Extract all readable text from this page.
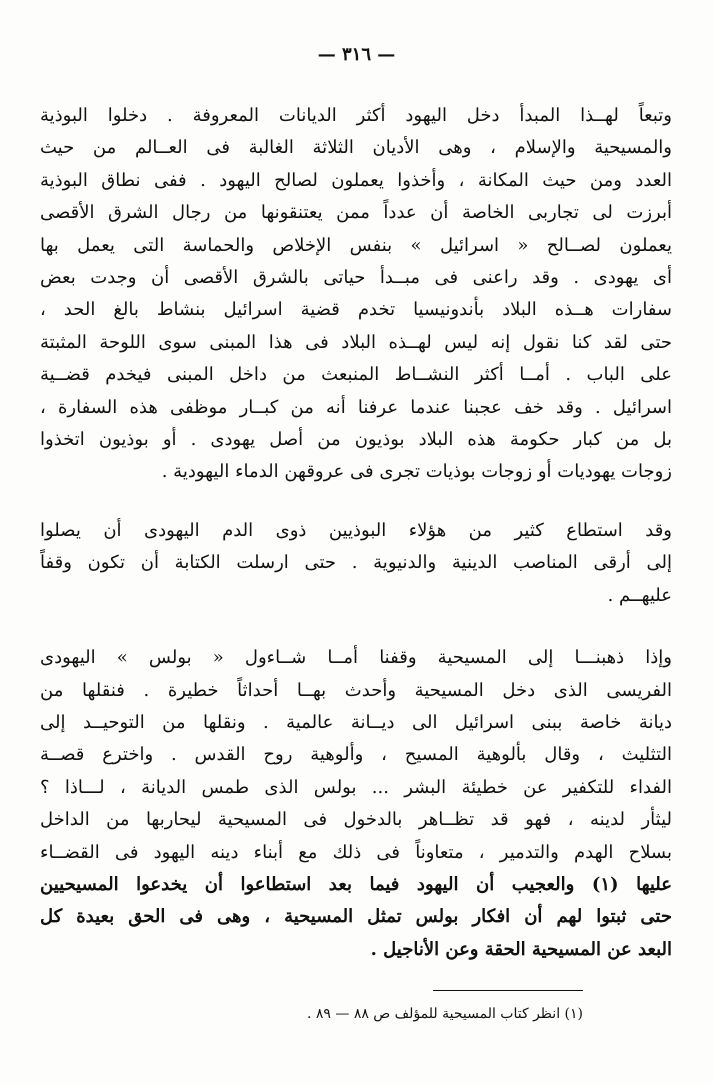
— ٣١٦ —

وتبعاً لهــذا المبدأ دخل اليهود أكثر الديانات المعروفة . دخلوا البوذية
والمسيحية والإسلام ، وهى الأديان الثلاثة الغالبة فى العــالم من حيث
العدد ومن حيث المكانة ، وأخذوا يعملون لصالح اليهود . ففى نطاق البوذية
أبرزت لى تجاربى الخاصة أن عدداً ممن يعتنقونها من رجال الشرق الأقصى
يعملون لصــالح « اسرائيل » بنفس الإخلاص والحماسة التى يعمل بها
أى يهودى . وقد راعنى فى مبــدأ حياتى بالشرق الأقصى أن وجدت بعض
سفارات هــذه البلاد بأندونيسيا تخدم قضية اسرائيل بنشاط بالغ الحد ،
حتى لقد كنا نقول إنه ليس لهــذه البلاد فى هذا المبنى سوى اللوحة المثبتة
على الباب . أمــا أكثر النشــاط المنبعث من داخل المبنى فيخدم قضــية
اسرائيل . وقد خف عجبنا عندما عرفنا أنه من كبــار موظفى هذه السفارة ،
بل من كبار حكومة هذه البلاد بوذيون من أصل يهودى . أو بوذيون اتخذوا
زوجات يهوديات أو زوجات بوذيات تجرى فى عروقهن الدماء اليهودية .

وقد استطاع كثير من هؤلاء البوذيين ذوى الدم اليهودى أن يصلوا
إلى أرقى المناصب الدينية والدنيوية . حتى ارسلت الكتابة أن تكون وقفاً
عليهــم .

وإذا ذهبنـــا إلى المسيحية وقفنا أمــا شــاءول « بولس » اليهودى
الفريسى الذى دخل المسيحية وأحدث بهــا أحداثاً خطيرة . فنقلها من
ديانة خاصة ببنى اسرائيل الى ديــانة عالمية . ونقلها من التوحيــد إلى
التثليث ، وقال بألوهية المسيح ، وألوهية روح القدس . واخترع قصــة
الفداء للتكفير عن خطيئة البشر ... بولس الذى طمس الديانة ، لـــاذا ؟
ليثأر لدينه ، فهو قد تظــاهر بالدخول فى المسيحية ليحاربها من الداخل
بسلاح الهدم والتدمير ، متعاوناً فى ذلك مع أبناء دينه اليهود فى القضــاء
عليها (١) والعجيب أن اليهود فيما بعد استطاعوا أن يخدعوا المسيحيين
حتى ثبتوا لهم أن افكار بولس تمثل المسيحية ، وهى فى الحق بعيدة كل
البعد عن المسيحية الحقة وعن الأناجيل .

(١) انظر كتاب المسيحية للمؤلف ص ٨٨ — ٨٩ .
